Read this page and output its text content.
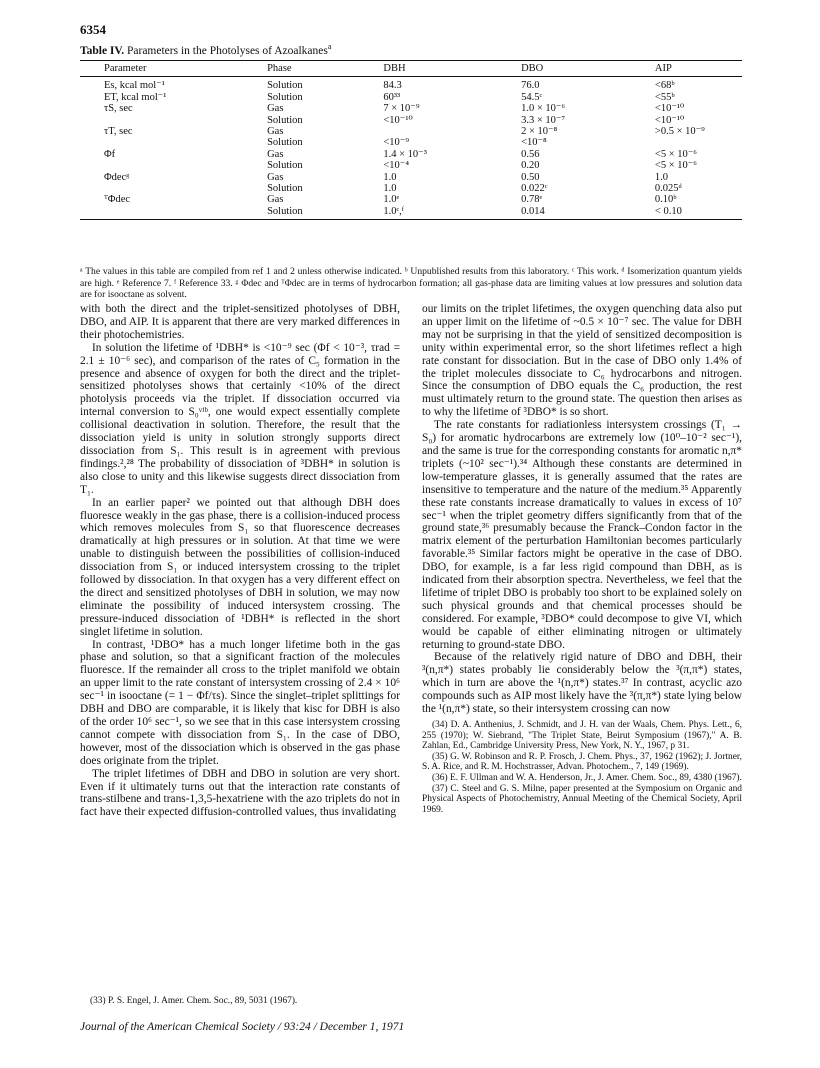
6354
Table IV. Parameters in the Photolyses of Azoalkanes$^a$
Parameter	Phase	DBH	DBO	AIP
Es, kcal mol⁻¹	Solution	84.3	76.0	<68ᵇ
ET, kcal mol⁻¹	Solution	60³³	54.5ᶜ	<55ᵇ
τS, sec	Gas	7 × 10⁻⁹	1.0 × 10⁻⁶	<10⁻¹⁰
	Solution	<10⁻¹⁰	3.3 × 10⁻⁷	<10⁻¹⁰
τT, sec	Gas		2 × 10⁻⁸	>0.5 × 10⁻⁹
	Solution	<10⁻⁹	<10⁻⁸	
Φf	Gas	1.4 × 10⁻³	0.56	<5 × 10⁻⁶
	Solution	<10⁻⁴	0.20	<5 × 10⁻⁶
Φdecᵍ	Gas	1.0	0.50	1.0
	Solution	1.0	0.022ᶜ	0.025ᵈ
ᵀΦdec	Gas	1.0ᵉ	0.78ᵉ	0.10ᵇ
	Solution	1.0ᶜ,ᶠ	0.014	< 0.10
ᵃ The values in this table are compiled from ref 1 and 2 unless otherwise indicated. ᵇ Unpublished results from this laboratory. ᶜ This work. ᵈ Isomerization quantum yields are high. ᵉ Reference 7. ᶠ Reference 33. ᵍ Φdec and ᵀΦdec are in terms of hydrocarbon formation; all gas-phase data are limiting values at low pressures and solution data are for isooctane as solvent.

with both the direct and the triplet-sensitized photolyses of DBH, DBO, and AIP. It is apparent that there are very marked differences in their photochemistries.

In solution the lifetime of ¹DBH* is <10⁻⁹ sec (Φf < 10⁻³, τrad = 2.1 ± 10⁻⁶ sec), and comparison of the rates of C₅ formation in the presence and absence of oxygen for both the direct and the triplet-sensitized photolyses shows that certainly <10% of the direct photolysis proceeds via the triplet. If dissociation occurred via internal conversion to S₀ᵛⁱᵇ, one would expect essentially complete collisional deactivation in solution. Therefore, the result that the dissociation yield is unity in solution strongly supports direct dissociation from S₁. This result is in agreement with previous findings.²,²⁸ The probability of dissociation of ³DBH* in solution is also close to unity and this likewise suggests direct dissociation from T₁.

In an earlier paper² we pointed out that although DBH does fluoresce weakly in the gas phase, there is a collision-induced process which removes molecules from S₁ so that fluorescence decreases dramatically at high pressures or in solution. At that time we were unable to distinguish between the possibilities of collision-induced dissociation from S₁ or induced intersystem crossing to the triplet followed by dissociation. In that oxygen has a very different effect on the direct and sensitized photolyses of DBH in solution, we may now eliminate the possibility of induced intersystem crossing. The pressure-induced dissociation of ¹DBH* is reflected in the short singlet lifetime in solution.

In contrast, ¹DBO* has a much longer lifetime both in the gas phase and solution, so that a significant fraction of the molecules fluoresce. If the remainder all cross to the triplet manifold we obtain an upper limit to the rate constant of intersystem crossing of 2.4 × 10⁶ sec⁻¹ in isooctane (= 1 − Φf/τs). Since the singlet–triplet splittings for DBH and DBO are comparable, it is likely that kisc for DBH is also of the order 10⁶ sec⁻¹, so we see that in this case intersystem crossing cannot compete with dissociation from S₁. In the case of DBO, however, most of the dissociation which is observed in the gas phase does originate from the triplet.

The triplet lifetimes of DBH and DBO in solution are very short. Even if it ultimately turns out that the interaction rate constants of trans-stilbene and trans-1,3,5-hexatriene with the azo triplets do not in fact have their expected diffusion-controlled values, thus invalidating

(33) P. S. Engel, J. Amer. Chem. Soc., 89, 5031 (1967).

our limits on the triplet lifetimes, the oxygen quenching data also put an upper limit on the lifetime of ~0.5 × 10⁻⁷ sec. The value for DBH may not be surprising in that the yield of sensitized decomposition is unity within experimental error, so the short lifetimes reflect a high rate constant for dissociation. But in the case of DBO only 1.4% of the triplet molecules dissociate to C₆ hydrocarbons and nitrogen. Since the consumption of DBO equals the C₆ production, the rest must ultimately return to the ground state. The question then arises as to why the lifetime of ³DBO* is so short.

The rate constants for radiationless intersystem crossings (T₁ → S₀) for aromatic hydrocarbons are extremely low (10⁰–10⁻² sec⁻¹), and the same is true for the corresponding constants for aromatic n,π* triplets (~10² sec⁻¹).³⁴ Although these constants are determined in low-temperature glasses, it is generally assumed that the rates are insensitive to temperature and the nature of the medium.³⁵ Apparently these rate constants increase dramatically to values in excess of 10⁷ sec⁻¹ when the triplet geometry differs significantly from that of the ground state,³⁶ presumably because the Franck–Condon factor in the matrix element of the perturbation Hamiltonian becomes particularly favorable.³⁵ Similar factors might be operative in the case of DBO. DBO, for example, is a far less rigid compound than DBH, as is indicated from their absorption spectra. Nevertheless, we feel that the lifetime of triplet DBO is probably too short to be explained solely on such physical grounds and that chemical processes should be considered. For example, ³DBO* could decompose to give VI, which would be capable of either eliminating nitrogen or ultimately returning to ground-state DBO.

Because of the relatively rigid nature of DBO and DBH, their ³(n,π*) states probably lie considerably below the ³(π,π*) states, which in turn are above the ¹(n,π*) states.³⁷ In contrast, acyclic azo compounds such as AIP most likely have the ³(π,π*) state lying below the ¹(n,π*) state, so their intersystem crossing can now

(34) D. A. Anthenius, J. Schmidt, and J. H. van der Waals, Chem. Phys. Lett., 6, 255 (1970); W. Siebrand, "The Triplet State, Beirut Symposium (1967)," A. B. Zahlan, Ed., Cambridge University Press, New York, N. Y., 1967, p 31.
(35) G. W. Robinson and R. P. Frosch, J. Chem. Phys., 37, 1962 (1962); J. Jortner, S. A. Rice, and R. M. Hochstrasser, Advan. Photochem., 7, 149 (1969).
(36) E. F. Ullman and W. A. Henderson, Jr., J. Amer. Chem. Soc., 89, 4380 (1967).
(37) C. Steel and G. S. Milne, paper presented at the Symposium on Organic and Physical Aspects of Photochemistry, Annual Meeting of the Chemical Society, April 1969.
Journal of the American Chemical Society / 93:24 / December 1, 1971
